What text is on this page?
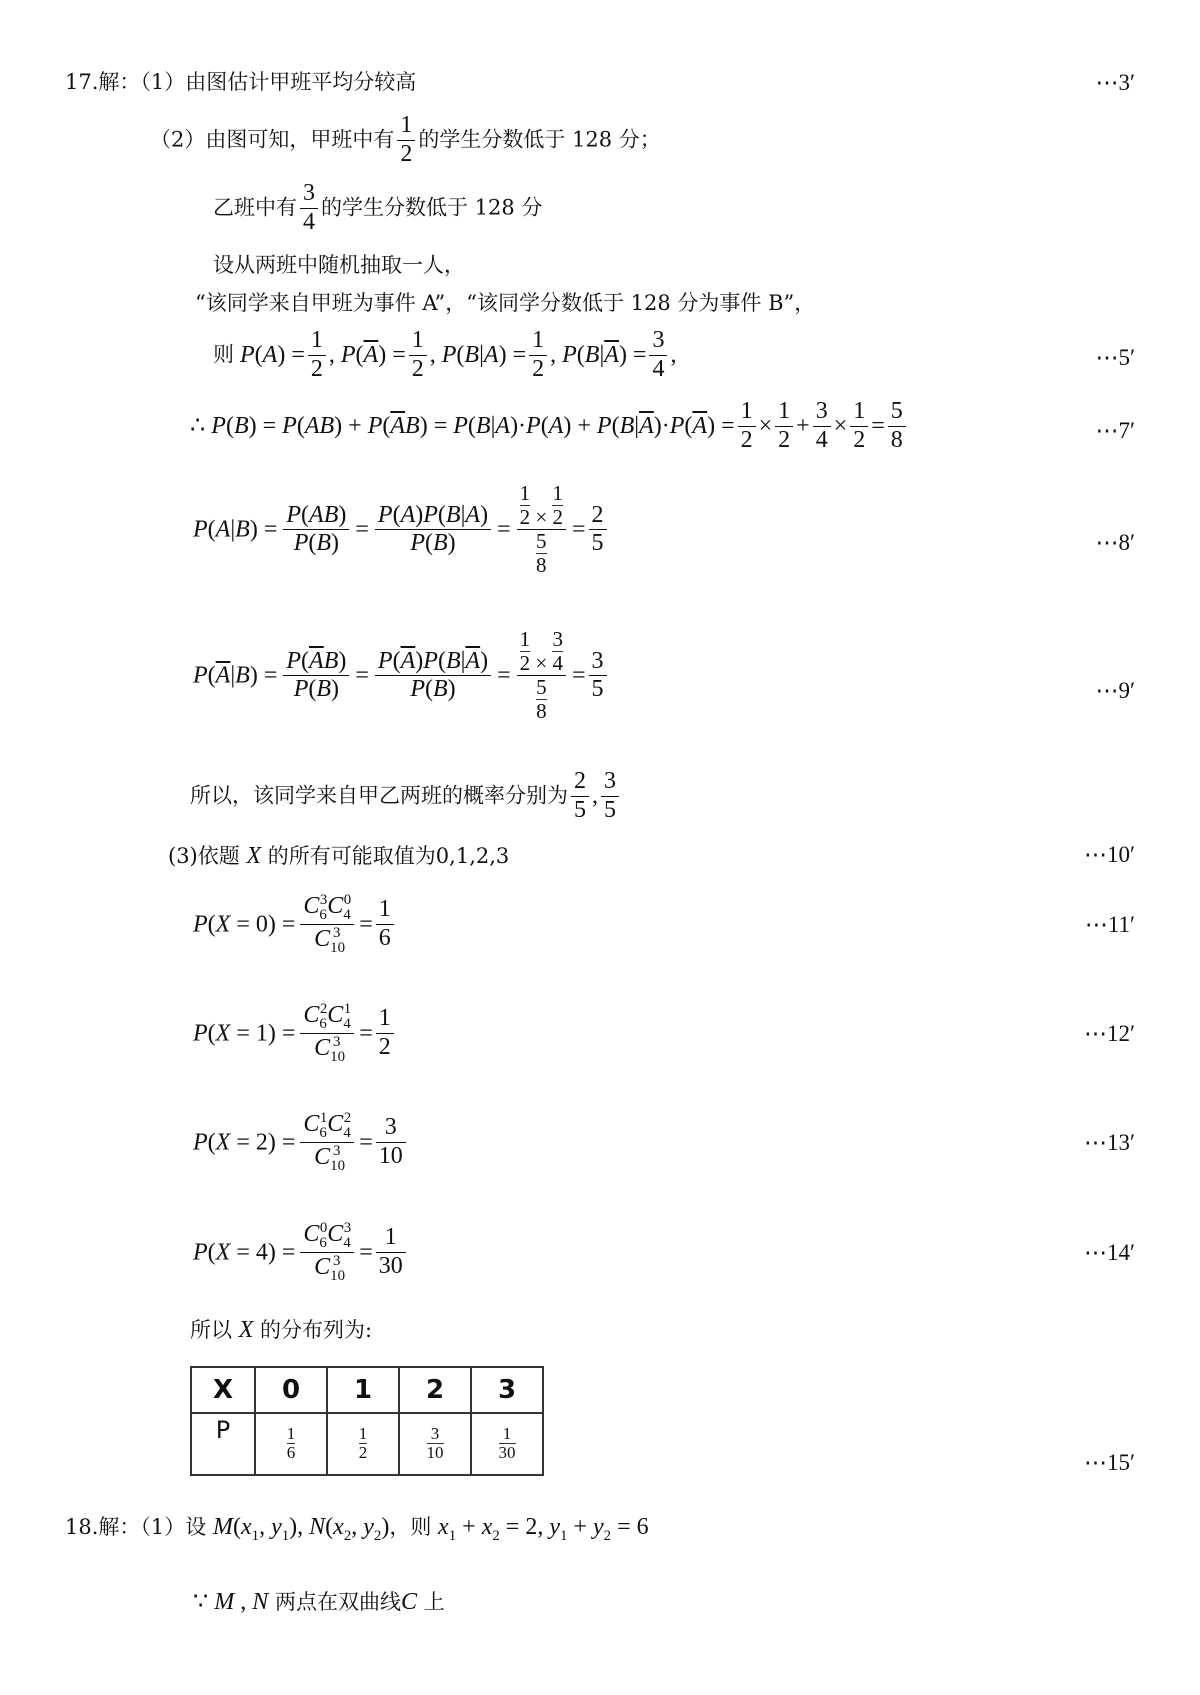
17.解：（1）由图估计甲班平均分较高	⋯3′
（2）由图可知，甲班中有 $\frac{1}{2}$ 的学生分数低于 128 分；
乙班中有 $\frac{3}{4}$ 的学生分数低于 128 分
设从两班中随机抽取一人，
“该同学来自甲班为事件 A”，“该同学分数低于 128 分为事件 B”，
则 $P(A) = \frac{1}{2}$ , $P(\overline{A}) = \frac{1}{2}$ , $P(B|A) = \frac{1}{2}$ , $P(B|\overline{A}) = \frac{3}{4}$ ,	⋯5′
∴ $P(B) = P(AB) + P(\overline{A}B) = P(B|A)\cdot P(A) + P(B|\overline{A})\cdot P(\overline{A}) = \frac{1}{2} \times \frac{1}{2} + \frac{3}{4} \times \frac{1}{2} = \frac{5}{8}$	⋯7′
$P(A|B) = \frac{P(AB)}{P(B)} = \frac{P(A)P(B|A)}{P(B)} = \frac{\frac{1}{2} \times \frac{1}{2}}{\frac{5}{8}} = \frac{2}{5}$	⋯8′
$P(\overline{A}|B) = \frac{P(\overline{A}B)}{P(B)} = \frac{P(\overline{A})P(B|\overline{A})}{P(B)} = \frac{\frac{1}{2} \times \frac{3}{4}}{\frac{5}{8}} = \frac{3}{5}$	⋯9′
所以，该同学来自甲乙两班的概率分别为 $\frac{2}{5}$ , $\frac{3}{5}$
(3)依题 X 的所有可能取值为0,1,2,3	⋯10′
$P(X = 0) = \frac{C_6^3C_4^0}{C_{10}^3} = \frac{1}{6}$	⋯11′
$P(X = 1) = \frac{C_6^2C_4^1}{C_{10}^3} = \frac{1}{2}$	⋯12′
$P(X = 2) = \frac{C_6^1C_4^2}{C_{10}^3} = \frac{3}{10}$	⋯13′
$P(X = 4) = \frac{C_6^0C_4^3}{C_{10}^3} = \frac{1}{30}$	⋯14′
所以 X 的分布列为:
X	0	1	2	3
P	$\frac{1}{6}$	$\frac{1}{2}$	$\frac{3}{10}$	$\frac{1}{30}$	⋯15′
18.解：（1）设 $M(x_1$, $y_1$), $N(x_2$, $y_2$)，则 $x_1 + x_2 = 2$, $y_1 + y_2 = 6$
∵ M , N 两点在双曲线C 上
